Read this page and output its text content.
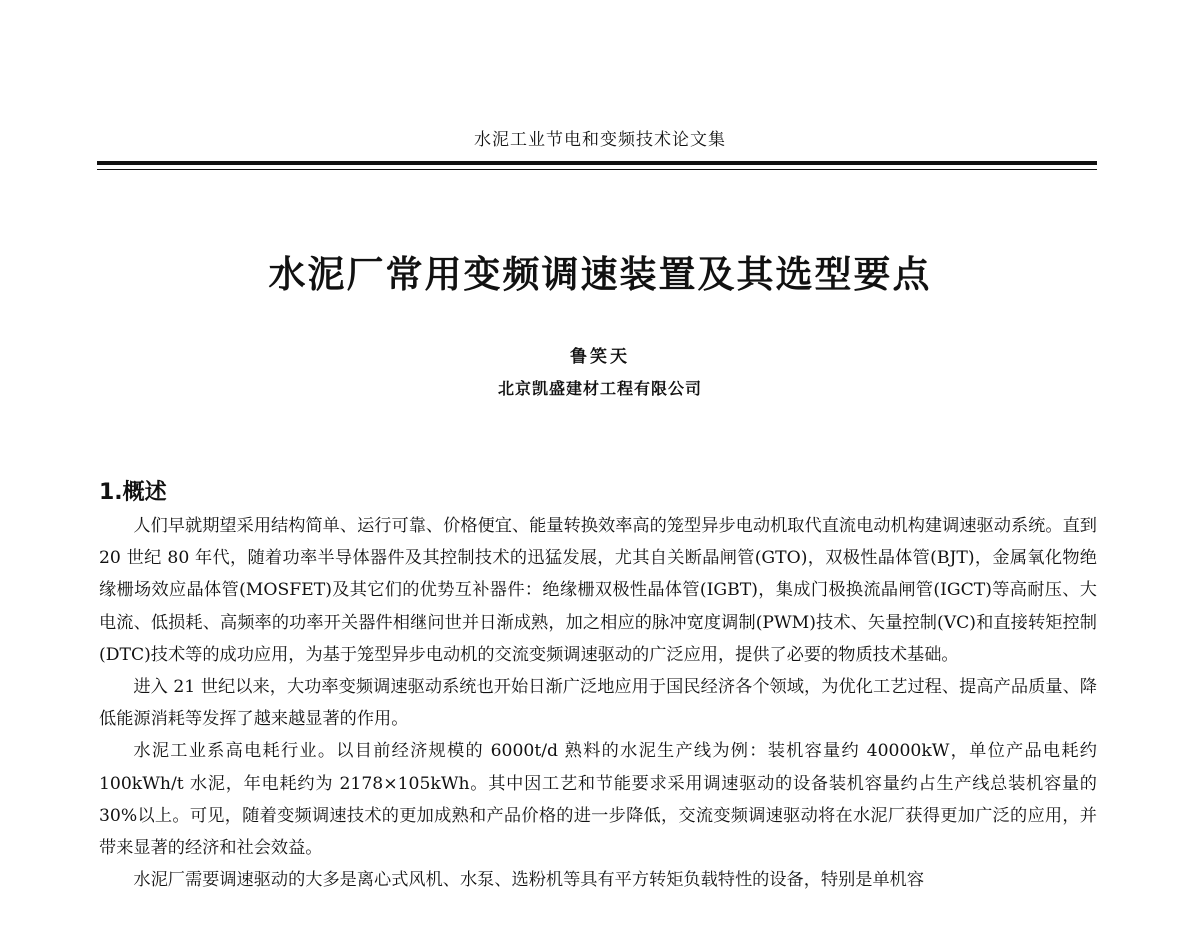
水泥工业节电和变频技术论文集
水泥厂常用变频调速装置及其选型要点
鲁笑天
北京凯盛建材工程有限公司
1.概述

人们早就期望采用结构简单、运行可靠、价格便宜、能量转换效率高的笼型异步电动机取代直流电动机构建调速驱动系统。直到 20 世纪 80 年代，随着功率半导体器件及其控制技术的迅猛发展，尤其自关断晶闸管(GTO)，双极性晶体管(BJT)，金属氧化物绝缘栅场效应晶体管(MOSFET)及其它们的优势互补器件：绝缘栅双极性晶体管(IGBT)，集成门极换流晶闸管(IGCT)等高耐压、大电流、低损耗、高频率的功率开关器件相继问世并日渐成熟，加之相应的脉冲宽度调制(PWM)技术、矢量控制(VC)和直接转矩控制(DTC)技术等的成功应用，为基于笼型异步电动机的交流变频调速驱动的广泛应用，提供了必要的物质技术基础。

进入 21 世纪以来，大功率变频调速驱动系统也开始日渐广泛地应用于国民经济各个领域，为优化工艺过程、提高产品质量、降低能源消耗等发挥了越来越显著的作用。

水泥工业系高电耗行业。以目前经济规模的 6000t/d 熟料的水泥生产线为例：装机容量约 40000kW，单位产品电耗约 100kWh/t 水泥，年电耗约为 2178×105kWh。其中因工艺和节能要求采用调速驱动的设备装机容量约占生产线总装机容量的 30%以上。可见，随着变频调速技术的更加成熟和产品价格的进一步降低，交流变频调速驱动将在水泥厂获得更加广泛的应用，并带来显著的经济和社会效益。

水泥厂需要调速驱动的大多是离心式风机、水泵、选粉机等具有平方转矩负载特性的设备，特别是单机容
